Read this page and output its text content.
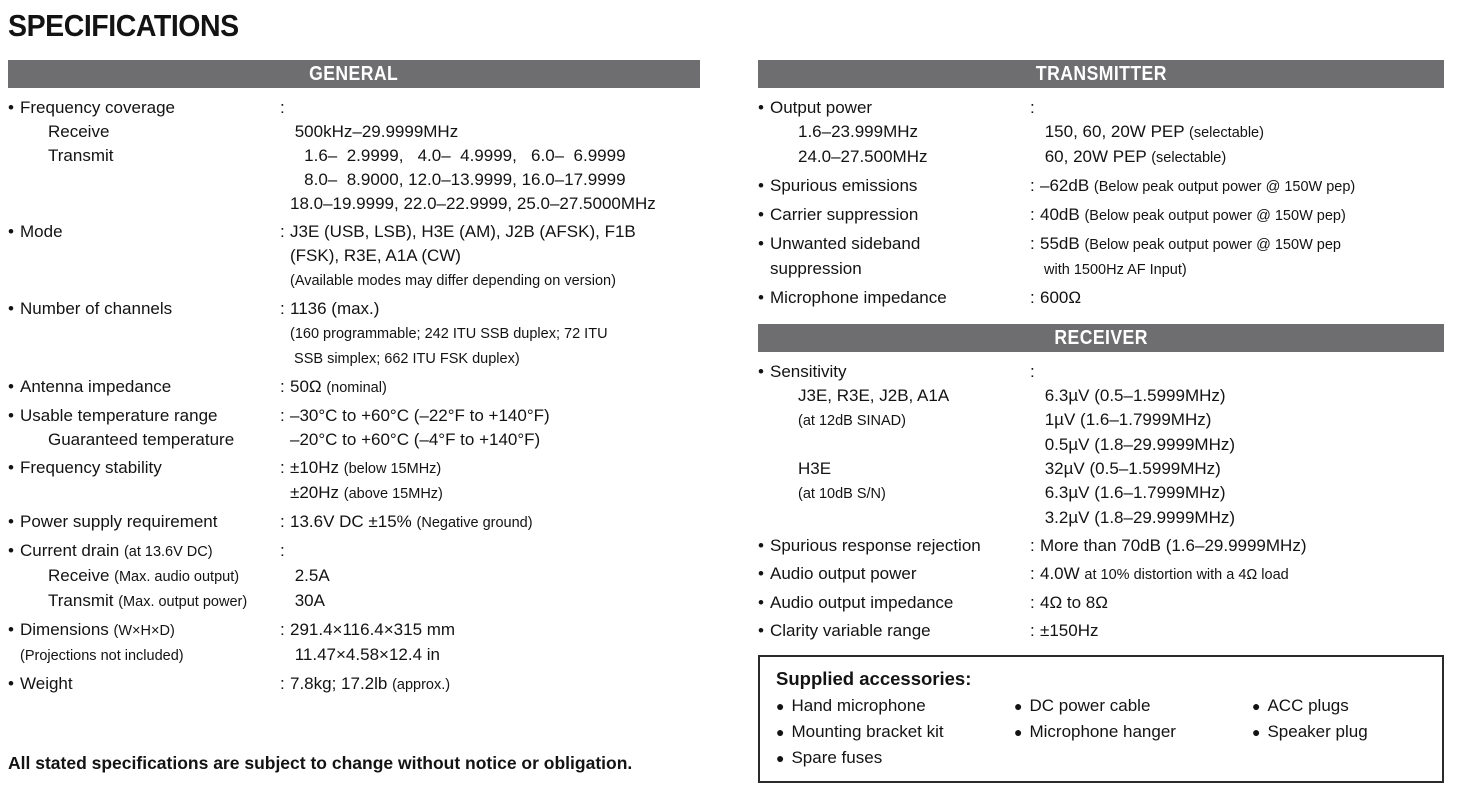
SPECIFICATIONS
GENERAL
• Frequency coverage	:
Receive	500kHz–29.9999MHz
Transmit	1.6–  2.9999,   4.0–  4.9999,   6.0–  6.9999
8.0–  8.9000, 12.0–13.9999, 16.0–17.9999
18.0–19.9999, 22.0–22.9999, 25.0–27.5000MHz
• Mode	: J3E (USB, LSB), H3E (AM), J2B (AFSK), F1B
(FSK), R3E, A1A (CW)
(Available modes may differ depending on version)
• Number of channels	: 1136 (max.)
(160 programmable; 242 ITU SSB duplex; 72 ITU
SSB simplex; 662 ITU FSK duplex)
• Antenna impedance	: 50Ω (nominal)
• Usable temperature range	: –30°C to +60°C (–22°F to +140°F)
Guaranteed temperature	–20°C to +60°C (–4°F to +140°F)
• Frequency stability	: ±10Hz (below 15MHz)
±20Hz (above 15MHz)
• Power supply requirement	: 13.6V DC ±15% (Negative ground)
• Current drain (at 13.6V DC)	:
Receive (Max. audio output)	2.5A
Transmit (Max. output power)	30A
• Dimensions (W×H×D)	: 291.4×116.4×315 mm
(Projections not included)	11.47×4.58×12.4 in
• Weight	: 7.8kg; 17.2lb (approx.)

All stated specifications are subject to change without notice or obligation.

TRANSMITTER
• Output power	:
1.6–23.999MHz	150, 60, 20W PEP (selectable)
24.0–27.500MHz	60, 20W PEP (selectable)
• Spurious emissions	: –62dB (Below peak output power @ 150W pep)
• Carrier suppression	: 40dB (Below peak output power @ 150W pep)
• Unwanted sideband	: 55dB (Below peak output power @ 150W pep
suppression	with 1500Hz AF Input)
• Microphone impedance	: 600Ω
RECEIVER
• Sensitivity	:
J3E, R3E, J2B, A1A	6.3µV (0.5–1.5999MHz)
(at 12dB SINAD)	1µV (1.6–1.7999MHz)
0.5µV (1.8–29.9999MHz)
H3E	32µV (0.5–1.5999MHz)
(at 10dB S/N)	6.3µV (1.6–1.7999MHz)
3.2µV (1.8–29.9999MHz)
• Spurious response rejection	: More than 70dB (1.6–29.9999MHz)
• Audio output power	: 4.0W at 10% distortion with a 4Ω load
• Audio output impedance	: 4Ω to 8Ω
• Clarity variable range	: ±150Hz
Supplied accessories:
● Hand microphone	● DC power cable	● ACC plugs
● Mounting bracket kit	● Microphone hanger	● Speaker plug
● Spare fuses
